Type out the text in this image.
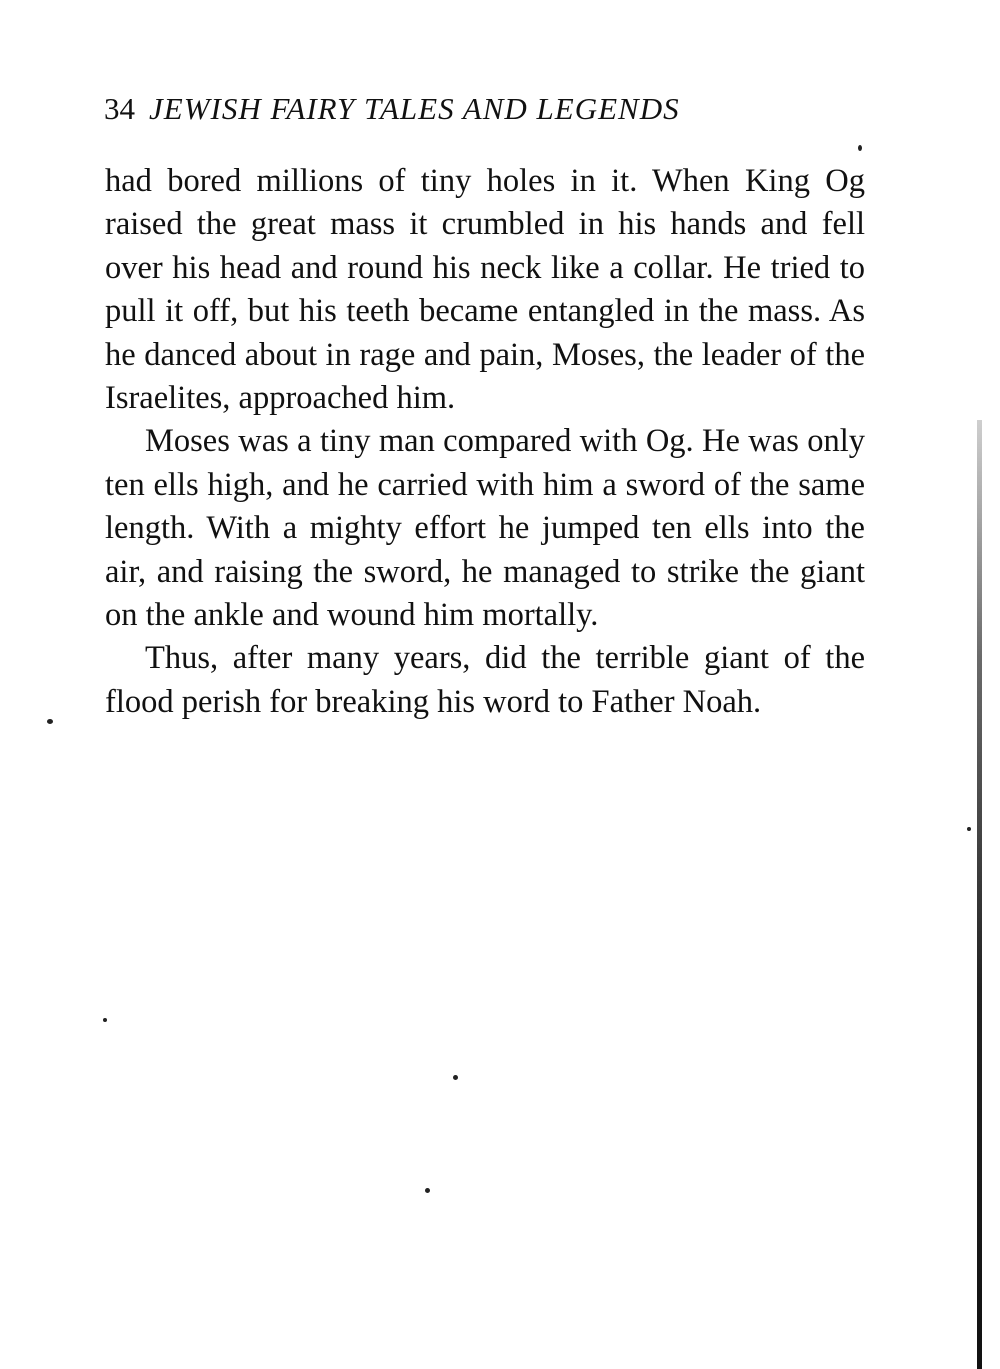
34 JEWISH FAIRY TALES AND LEGENDS

had bored millions of tiny holes in it. When King Og raised the great mass it crumbled in his hands and fell over his head and round his neck like a collar. He tried to pull it off, but his teeth became entangled in the mass. As he danced about in rage and pain, Moses, the leader of the Israelites, approached him.

Moses was a tiny man compared with Og. He was only ten ells high, and he carried with him a sword of the same length. With a mighty effort he jumped ten ells into the air, and raising the sword, he managed to strike the giant on the ankle and wound him mortally.

Thus, after many years, did the terrible giant of the flood perish for breaking his word to Father Noah.
